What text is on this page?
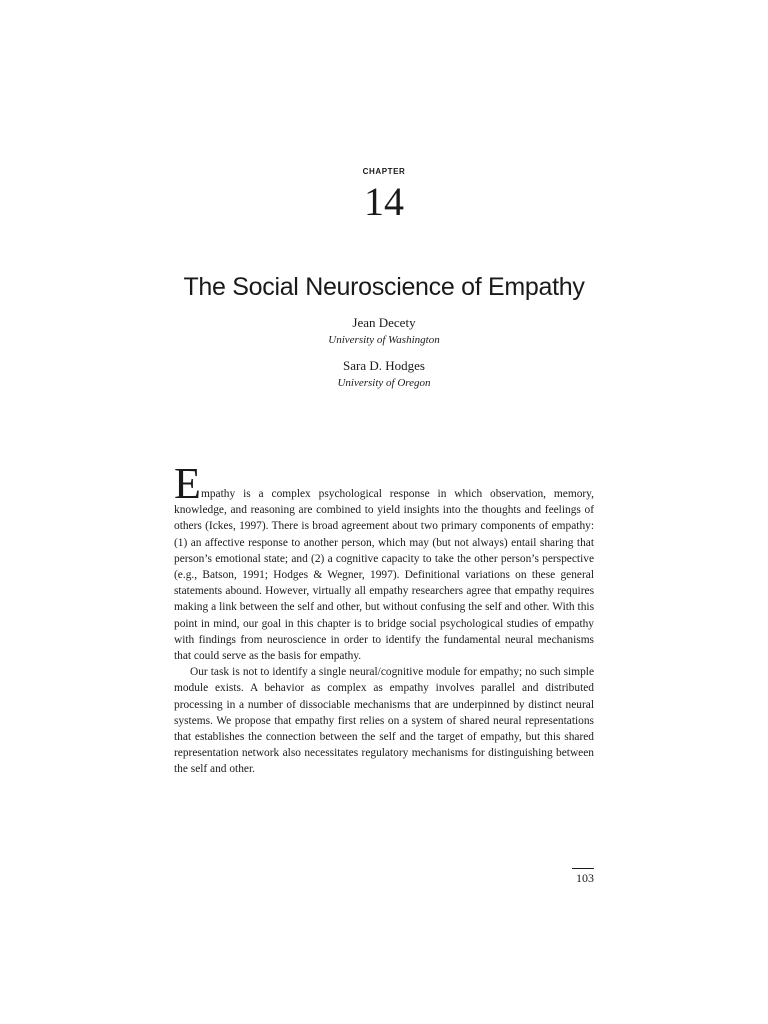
CHAPTER
14
The Social Neuroscience of Empathy
Jean Decety
University of Washington
Sara D. Hodges
University of Oregon
E mpathy is a complex psychological response in which observation, memory, knowledge, and reasoning are combined to yield insights into the thoughts and feelings of others (Ickes, 1997). There is broad agreement about two primary components of empathy: (1) an affective response to another person, which may (but not always) entail sharing that person’s emotional state; and (2) a cognitive capacity to take the other person’s perspective (e.g., Batson, 1991; Hodges & Wegner, 1997). Definitional variations on these general statements abound. However, virtually all empathy researchers agree that empathy requires making a link between the self and other, but without confusing the self and other. With this point in mind, our goal in this chapter is to bridge social psychological studies of empathy with findings from neuroscience in order to identify the fundamental neural mechanisms that could serve as the basis for empathy.

Our task is not to identify a single neural/cognitive module for empathy; no such simple module exists. A behavior as complex as empathy involves parallel and distributed processing in a number of dissociable mechanisms that are underpinned by distinct neural systems. We propose that empathy first relies on a system of shared neural representations that establishes the connection between the self and the target of empathy, but this shared representation network also necessitates regulatory mechanisms for distinguishing between the self and other.

103
